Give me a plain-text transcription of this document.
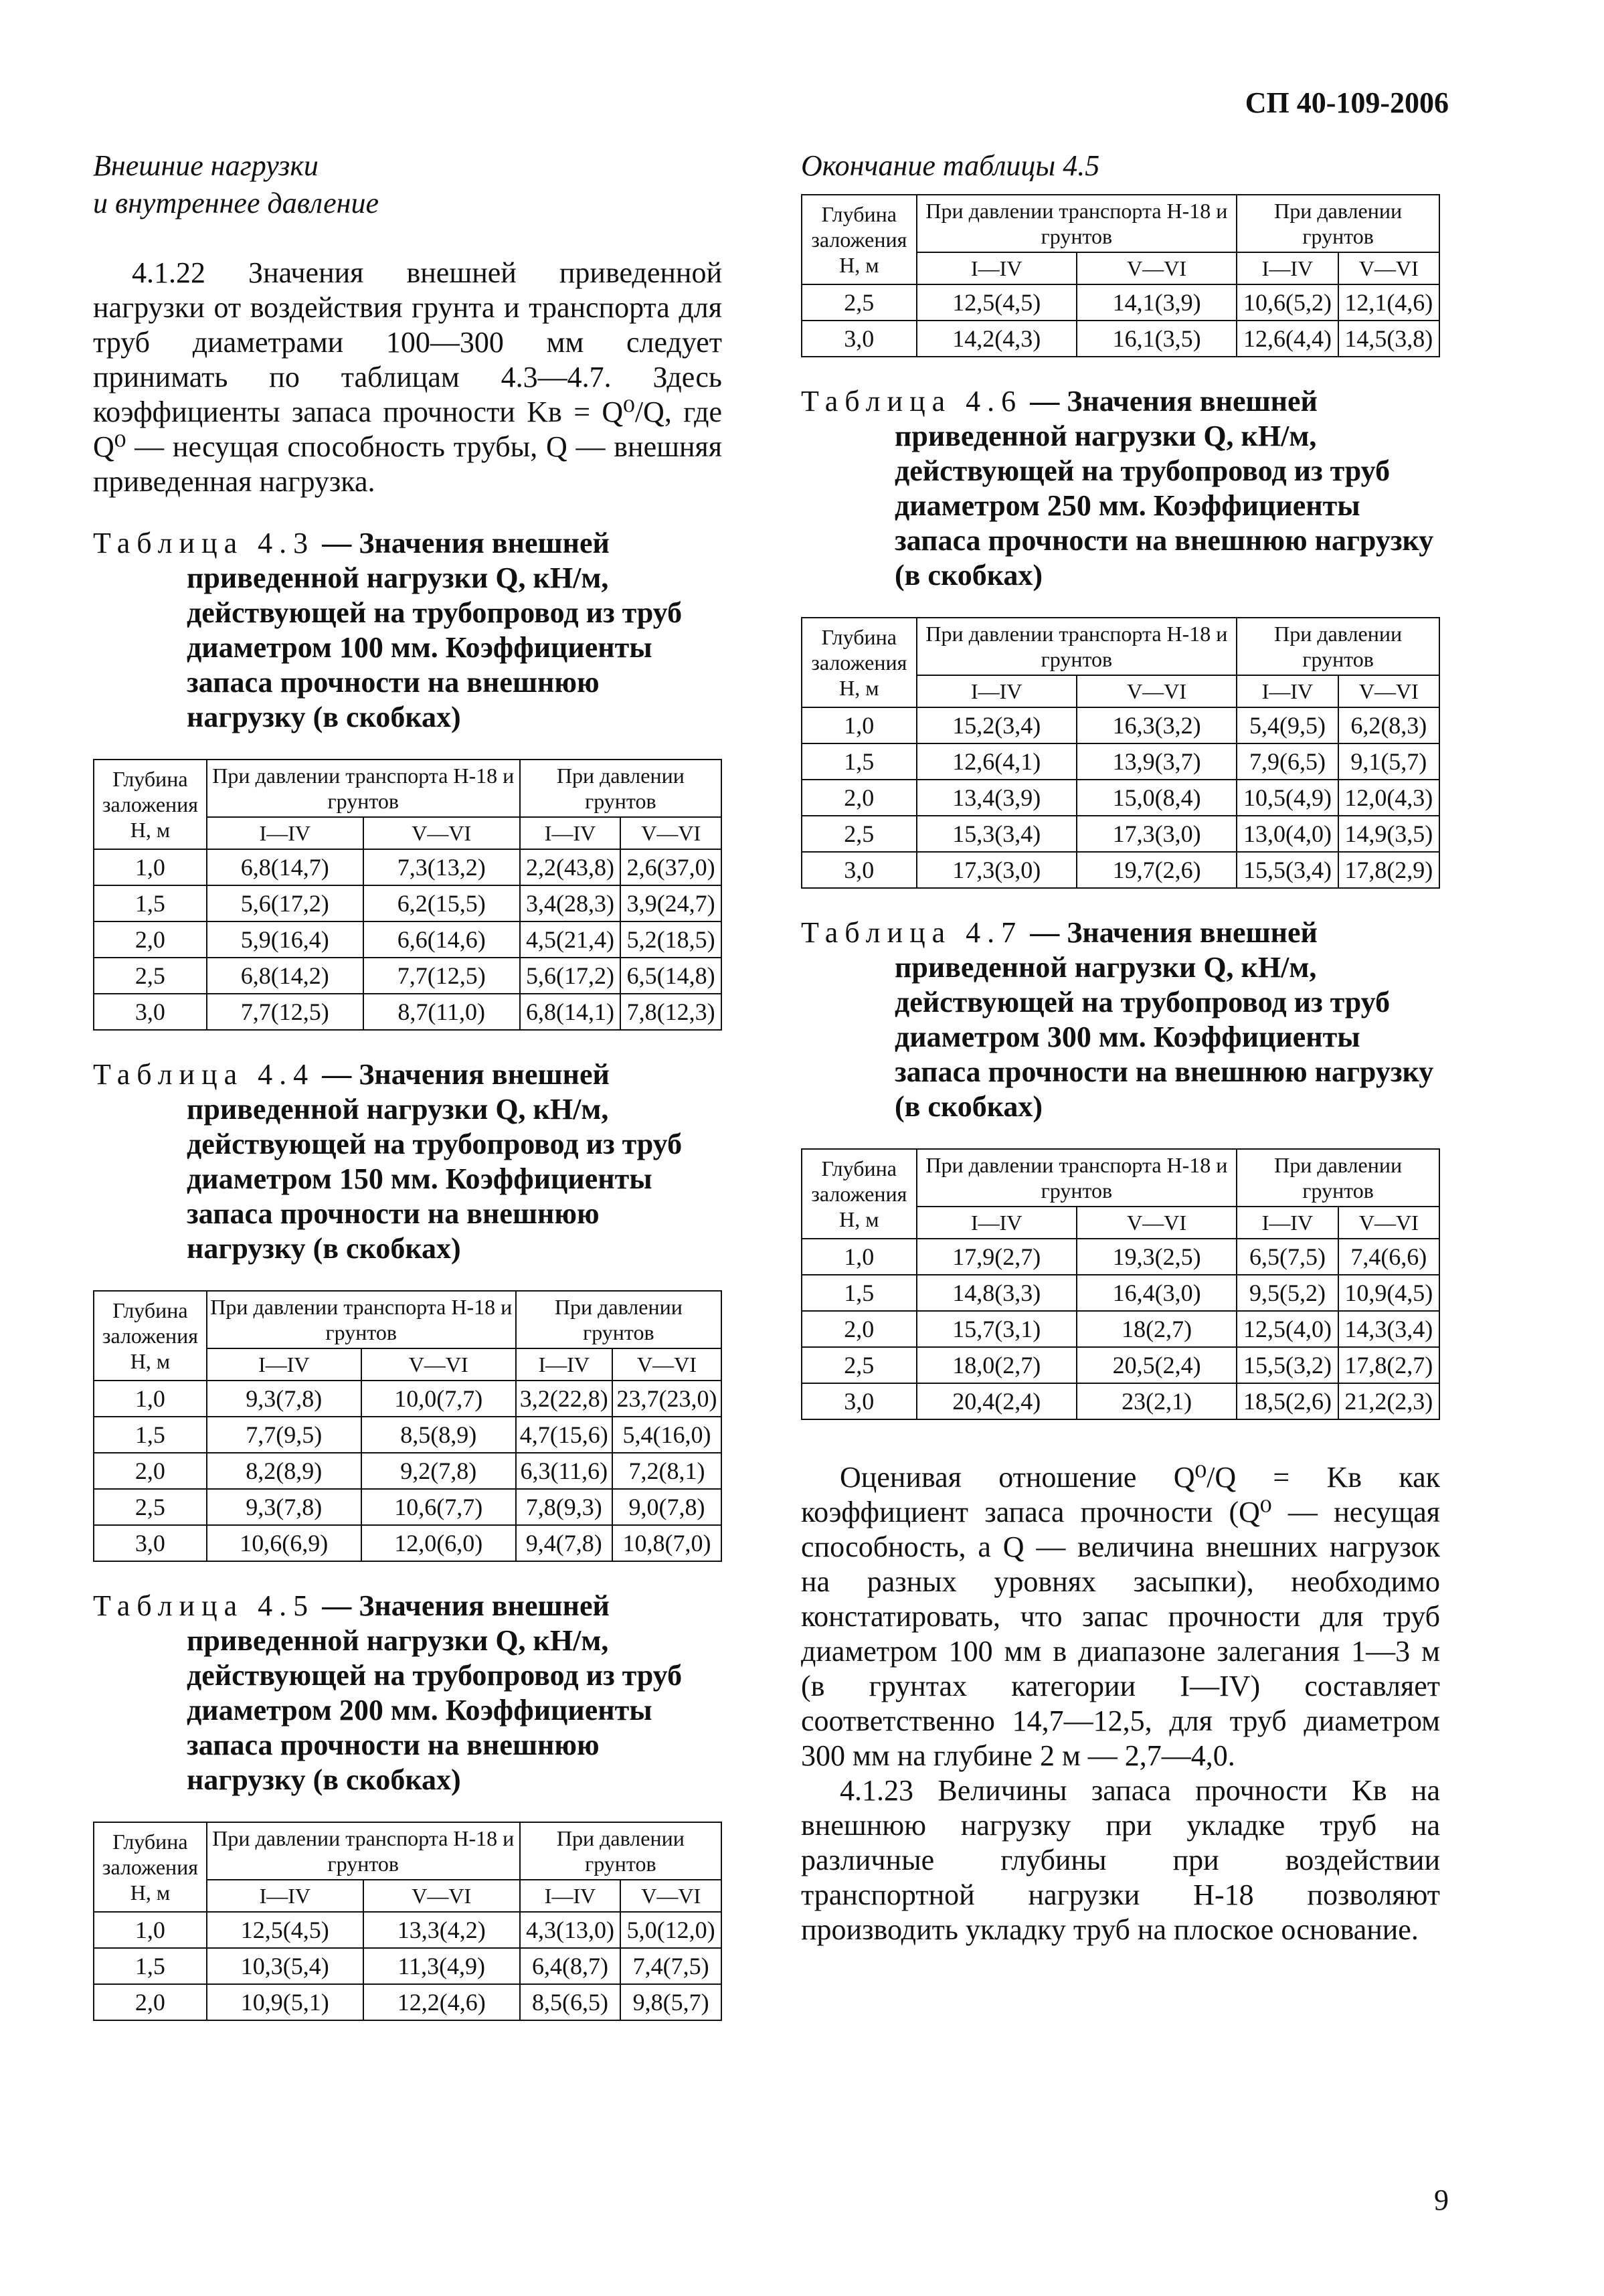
СП 40-109-2006
Внешние нагрузки
и внутреннее давление

4.1.22 Значения внешней приведенной нагрузки от воздействия грунта и транспорта для труб диаметрами 100—300 мм следует принимать по таблицам 4.3—4.7. Здесь коэффициенты запаса прочности Kв = Q⁰/Q, где Q⁰ — несущая способность трубы, Q — внешняя приведенная нагрузка.

Таблица 4.3 — Значения внешней приведенной нагрузки Q, кН/м, действующей на трубопровод из труб диаметром 100 мм. Коэффициенты запаса прочности на внешнюю нагрузку (в скобках)
Глубина заложения H, м	При давлении транспорта Н-18 и грунтов		При давлении грунтов	
	I—IV	V—VI	I—IV	V—VI
1,0	6,8(14,7)	7,3(13,2)	2,2(43,8)	2,6(37,0)
1,5	5,6(17,2)	6,2(15,5)	3,4(28,3)	3,9(24,7)
2,0	5,9(16,4)	6,6(14,6)	4,5(21,4)	5,2(18,5)
2,5	6,8(14,2)	7,7(12,5)	5,6(17,2)	6,5(14,8)
3,0	7,7(12,5)	8,7(11,0)	6,8(14,1)	7,8(12,3)
Таблица 4.4 — Значения внешней приведенной нагрузки Q, кН/м, действующей на трубопровод из труб диаметром 150 мм. Коэффициенты запаса прочности на внешнюю нагрузку (в скобках)
Глубина заложения H, м	При давлении транспорта Н-18 и грунтов		При давлении грунтов	
	I—IV	V—VI	I—IV	V—VI
1,0	9,3(7,8)	10,0(7,7)	3,2(22,8)	23,7(23,0)
1,5	7,7(9,5)	8,5(8,9)	4,7(15,6)	5,4(16,0)
2,0	8,2(8,9)	9,2(7,8)	6,3(11,6)	7,2(8,1)
2,5	9,3(7,8)	10,6(7,7)	7,8(9,3)	9,0(7,8)
3,0	10,6(6,9)	12,0(6,0)	9,4(7,8)	10,8(7,0)
Таблица 4.5 — Значения внешней приведенной нагрузки Q, кН/м, действующей на трубопровод из труб диаметром 200 мм. Коэффициенты запаса прочности на внешнюю нагрузку (в скобках)
Глубина заложения H, м	При давлении транспорта Н-18 и грунтов		При давлении грунтов	
	I—IV	V—VI	I—IV	V—VI
1,0	12,5(4,5)	13,3(4,2)	4,3(13,0)	5,0(12,0)
1,5	10,3(5,4)	11,3(4,9)	6,4(8,7)	7,4(7,5)
2,0	10,9(5,1)	12,2(4,6)	8,5(6,5)	9,8(5,7)
Окончание таблицы 4.5
Глубина заложения H, м	При давлении транспорта Н-18 и грунтов		При давлении грунтов	
	I—IV	V—VI	I—IV	V—VI
2,5	12,5(4,5)	14,1(3,9)	10,6(5,2)	12,1(4,6)
3,0	14,2(4,3)	16,1(3,5)	12,6(4,4)	14,5(3,8)
Таблица 4.6 — Значения внешней приведенной нагрузки Q, кН/м, действующей на трубопровод из труб диаметром 250 мм. Коэффициенты запаса прочности на внешнюю нагрузку (в скобках)
Глубина заложения H, м	При давлении транспорта Н-18 и грунтов		При давлении грунтов	
	I—IV	V—VI	I—IV	V—VI
1,0	15,2(3,4)	16,3(3,2)	5,4(9,5)	6,2(8,3)
1,5	12,6(4,1)	13,9(3,7)	7,9(6,5)	9,1(5,7)
2,0	13,4(3,9)	15,0(8,4)	10,5(4,9)	12,0(4,3)
2,5	15,3(3,4)	17,3(3,0)	13,0(4,0)	14,9(3,5)
3,0	17,3(3,0)	19,7(2,6)	15,5(3,4)	17,8(2,9)
Таблица 4.7 — Значения внешней приведенной нагрузки Q, кН/м, действующей на трубопровод из труб диаметром 300 мм. Коэффициенты запаса прочности на внешнюю нагрузку (в скобках)
Глубина заложения H, м	При давлении транспорта Н-18 и грунтов		При давлении грунтов	
	I—IV	V—VI	I—IV	V—VI
1,0	17,9(2,7)	19,3(2,5)	6,5(7,5)	7,4(6,6)
1,5	14,8(3,3)	16,4(3,0)	9,5(5,2)	10,9(4,5)
2,0	15,7(3,1)	18(2,7)	12,5(4,0)	14,3(3,4)
2,5	18,0(2,7)	20,5(2,4)	15,5(3,2)	17,8(2,7)
3,0	20,4(2,4)	23(2,1)	18,5(2,6)	21,2(2,3)

Оценивая отношение Q⁰/Q = Kв как коэффициент запаса прочности (Q⁰ — несущая способность, а Q — величина внешних нагрузок на разных уровнях засыпки), необходимо констатировать, что запас прочности для труб диаметром 100 мм в диапазоне залегания 1—3 м (в грунтах категории I—IV) составляет соответственно 14,7—12,5, для труб диаметром 300 мм на глубине 2 м — 2,7—4,0.

4.1.23 Величины запаса прочности Kв на внешнюю нагрузку при укладке труб на различные глубины при воздействии транспортной нагрузки Н-18 позволяют производить укладку труб на плоское основание.

9
